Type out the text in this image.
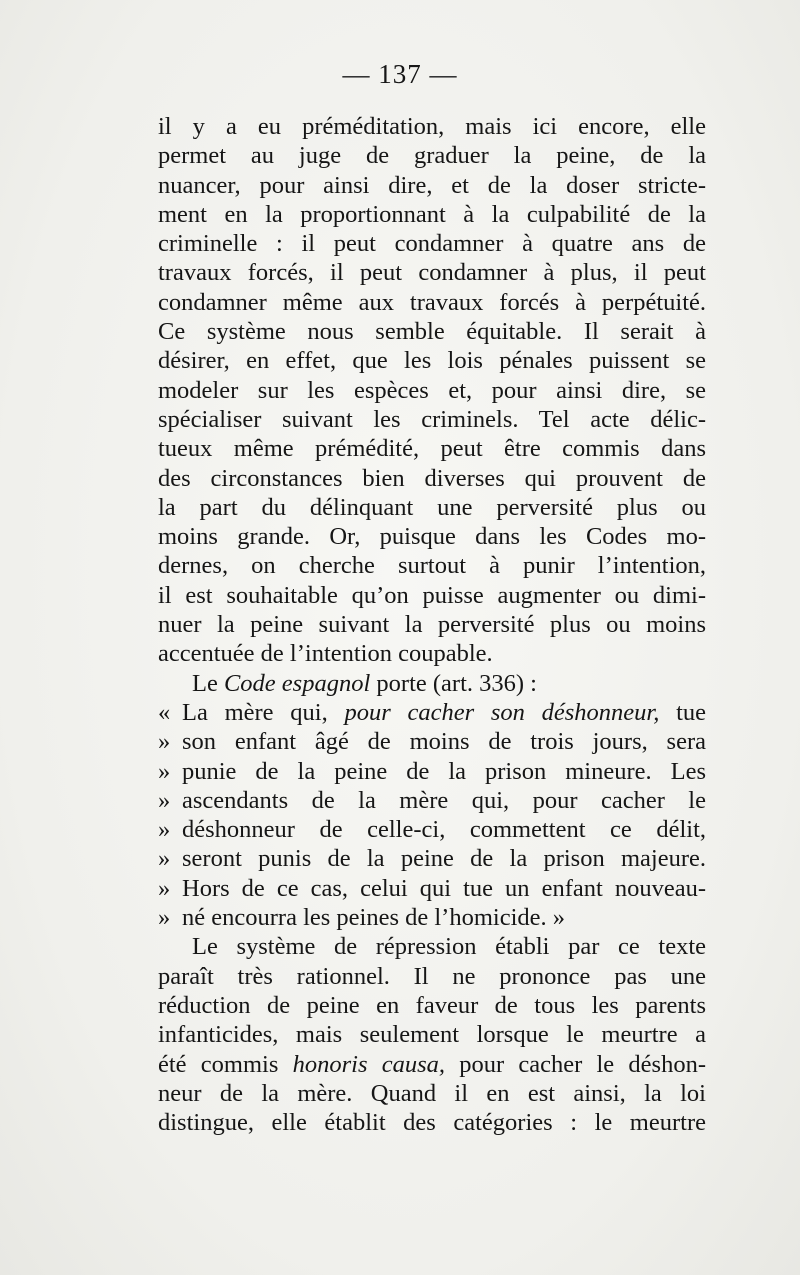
— 137 —
il y a eu préméditation, mais ici encore, elle
permet au juge de graduer la peine, de la
nuancer, pour ainsi dire, et de la doser stricte-
ment en la proportionnant à la culpabilité de la
criminelle : il peut condamner à quatre ans de
travaux forcés, il peut condamner à plus, il peut
condamner même aux travaux forcés à perpétuité.
Ce système nous semble équitable. Il serait à
désirer, en effet, que les lois pénales puissent se
modeler sur les espèces et, pour ainsi dire, se
spécialiser suivant les criminels. Tel acte délic-
tueux même prémédité, peut être commis dans
des circonstances bien diverses qui prouvent de
la part du délinquant une perversité plus ou
moins grande. Or, puisque dans les Codes mo-
dernes, on cherche surtout à punir l’intention,
il est souhaitable qu’on puisse augmenter ou dimi-
nuer la peine suivant la perversité plus ou moins
accentuée de l’intention coupable.
Le Code espagnol porte (art. 336) :
« La mère qui, pour cacher son déshonneur, tue
» son enfant âgé de moins de trois jours, sera
» punie de la peine de la prison mineure. Les
» ascendants de la mère qui, pour cacher le
» déshonneur de celle-ci, commettent ce délit,
» seront punis de la peine de la prison majeure.
» Hors de ce cas, celui qui tue un enfant nouveau-
» né encourra les peines de l’homicide. »
Le système de répression établi par ce texte
paraît très rationnel. Il ne prononce pas une
réduction de peine en faveur de tous les parents
infanticides, mais seulement lorsque le meurtre a
été commis honoris causa, pour cacher le déshon-
neur de la mère. Quand il en est ainsi, la loi
distingue, elle établit des catégories : le meurtre
